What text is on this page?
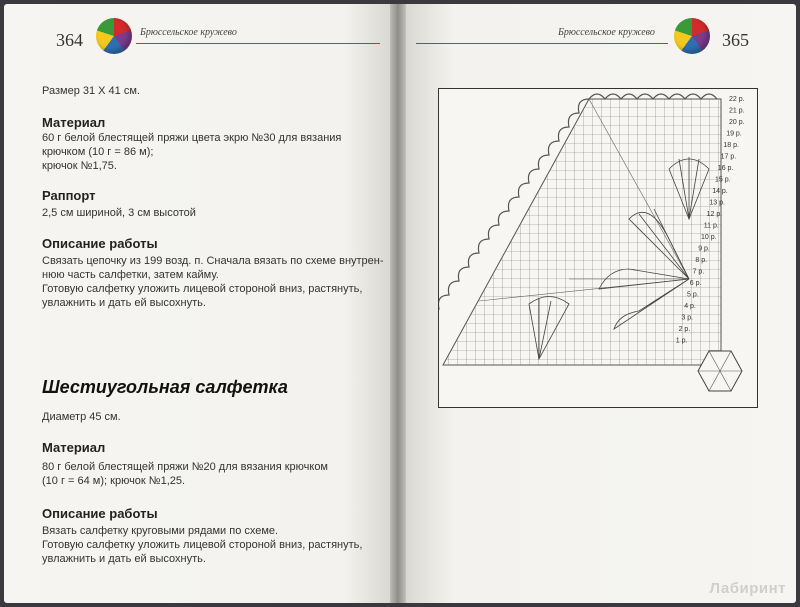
364	Брюссельское кружево	Брюссельское кружево	365

Размер 31 Х 41 см.

Материал

60 г белой блестящей пряжи цвета экрю №30 для вязания крючком (10 г = 86 м);
крючок №1,75.

Раппорт

2,5 см шириной, 3 см высотой

Описание работы

Связать цепочку из 199 возд. п. Сначала вязать по схеме внутрен-
нюю часть салфетки, затем кайму.
Готовую салфетку уложить лицевой стороной вниз, растянуть,
увлажнить и дать ей высохнуть.

Шестиугольная салфетка

Диаметр 45 см.

Материал

80 г белой блестящей пряжи №20 для вязания крючком
(10 г = 64 м); крючок №1,25.

Описание работы

Вязать салфетку круговыми рядами по схеме.
Готовую салфетку уложить лицевой стороной вниз, растянуть,
увлажнить и дать ей высохнуть.

22 р.
21 р.
20 р.
19 р.
18 р.
17 р.
16 р.
15 р.
14 р.
13 р.
12 р.
11 р.
10 р.
9 р.
8 р.
7 р.
6 р.
5 р.
4 р.
3 р.
2 р.
1 р.
Лабиринт
